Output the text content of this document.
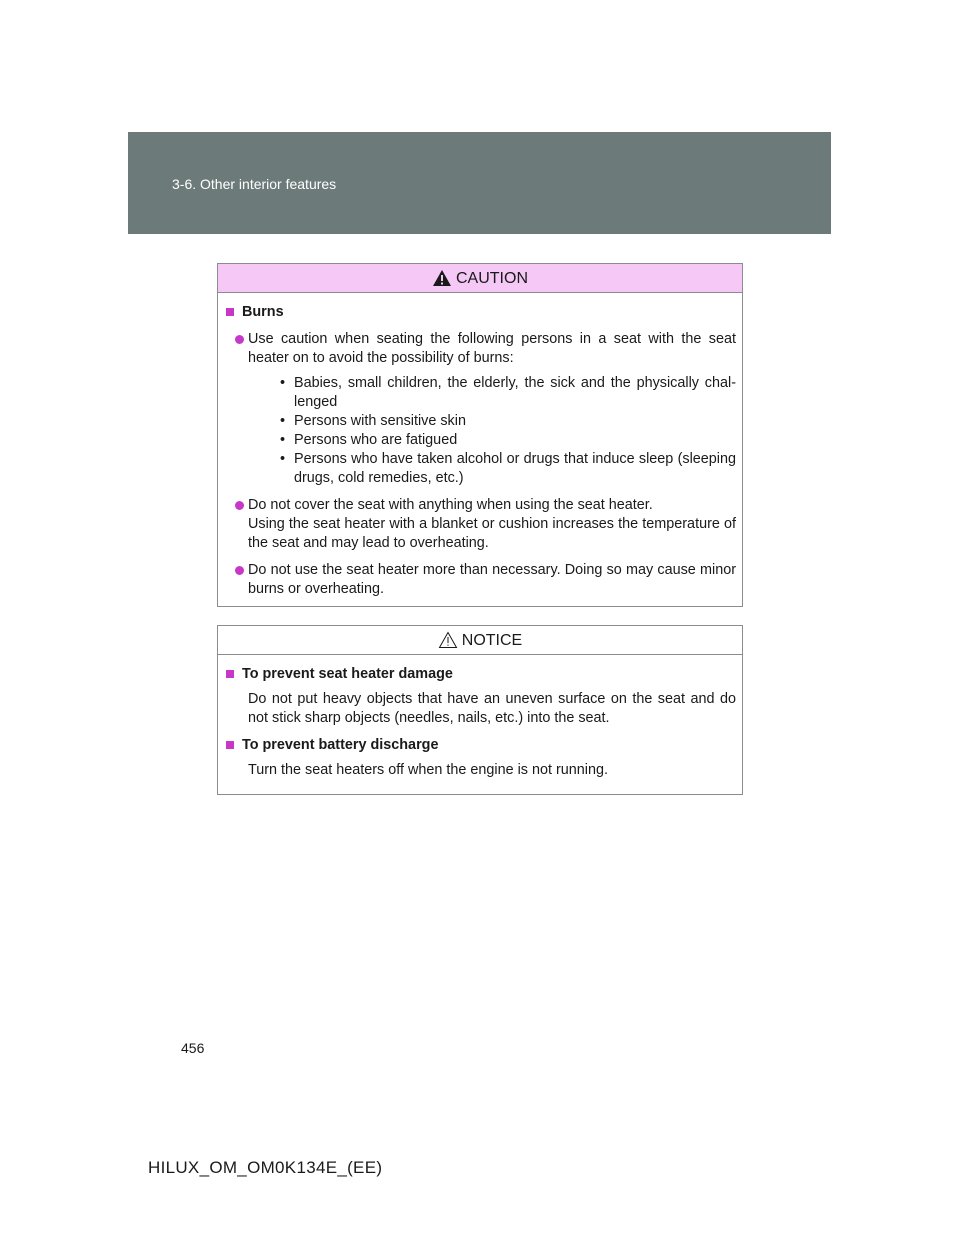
3-6. Other interior features
CAUTION
Burns
Use caution when seating the following persons in a seat with the seat heater on to avoid the possibility of burns:
• Babies, small children, the elderly, the sick and the physically chal-lenged
• Persons with sensitive skin
• Persons who are fatigued
• Persons who have taken alcohol or drugs that induce sleep (sleeping drugs, cold remedies, etc.)
Do not cover the seat with anything when using the seat heater.
Using the seat heater with a blanket or cushion increases the temperature of the seat and may lead to overheating.
Do not use the seat heater more than necessary. Doing so may cause minor burns or overheating.
NOTICE
To prevent seat heater damage
Do not put heavy objects that have an uneven surface on the seat and do not stick sharp objects (needles, nails, etc.) into the seat.
To prevent battery discharge
Turn the seat heaters off when the engine is not running.
456
HILUX_OM_OM0K134E_(EE)
